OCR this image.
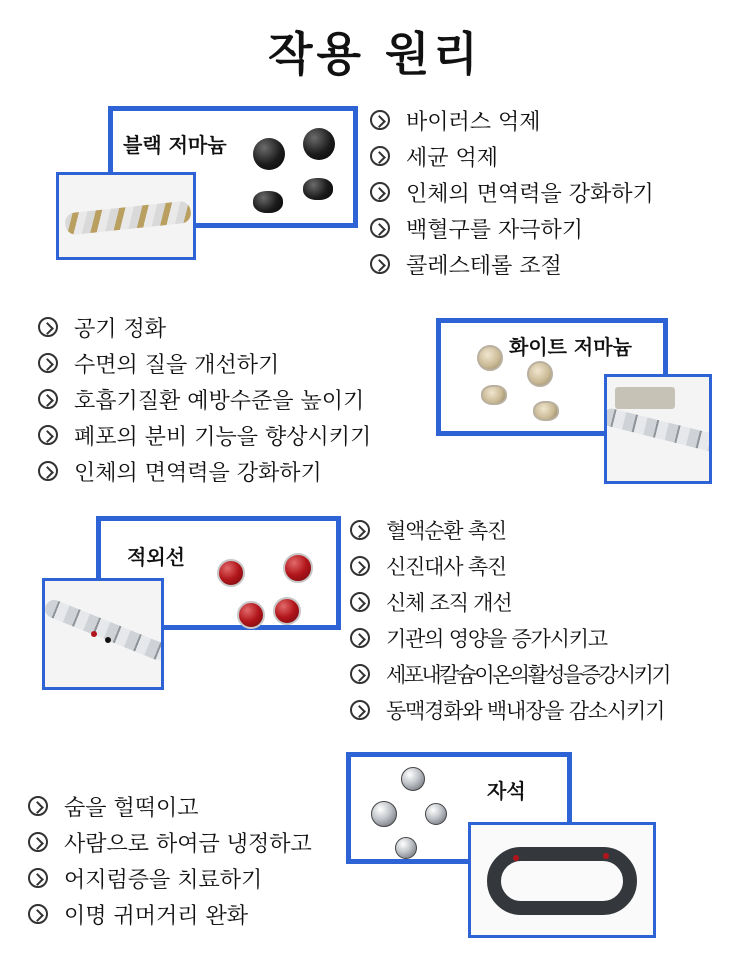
작용 원리
블랙 저마늄
바이러스 억제
세균 억제
인체의 면역력을 강화하기
백혈구를 자극하기
콜레스테롤 조절
공기 정화
수면의 질을 개선하기
호흡기질환 예방수준을 높이기
폐포의 분비 기능을 향상시키기
인체의 면역력을 강화하기
화이트 저마늄
적외선
혈액순환 촉진
신진대사 촉진
신체 조직 개선
기관의 영양을 증가시키고
세포내칼슘이온의활성을증강시키기
동맥경화와 백내장을 감소시키기
숨을 헐떡이고
사람으로 하여금 냉정하고
어지럼증을 치료하기
이명 귀머거리 완화
자석
